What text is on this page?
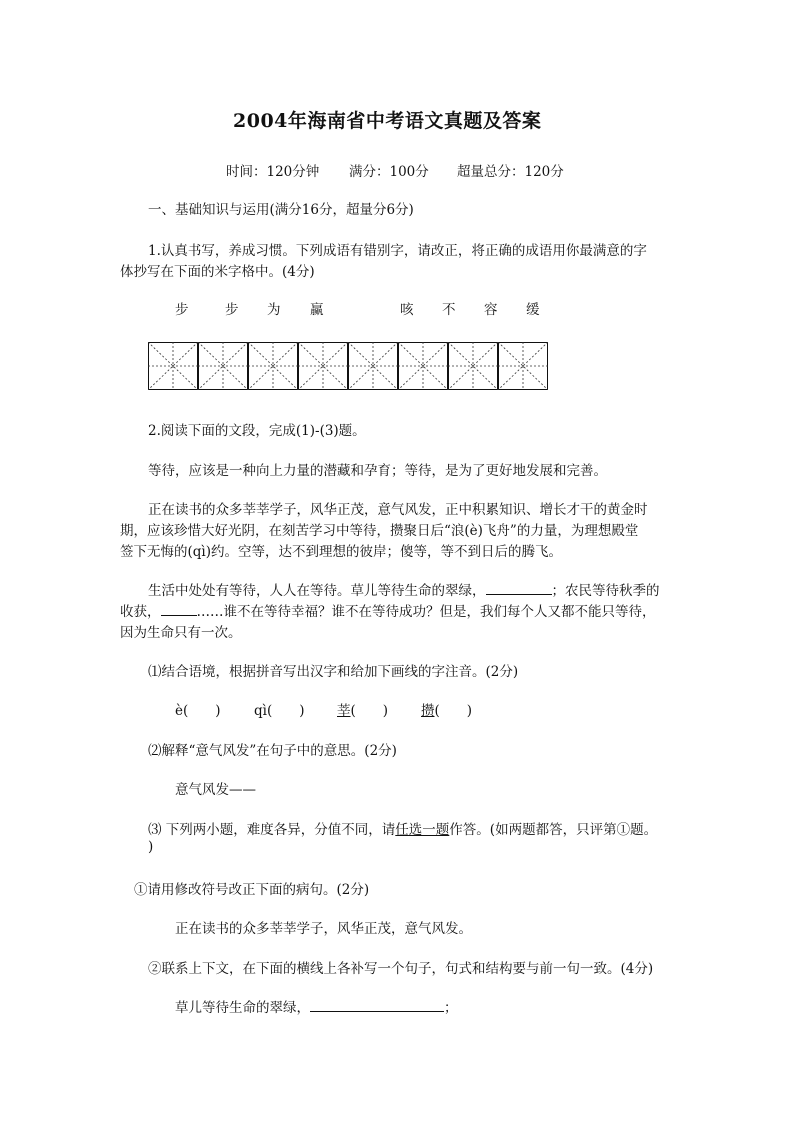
2004年海南省中考语文真题及答案
时间：120分钟 满分：100分 超量总分：120分
一、基础知识与运用(满分16分，超量分6分)
1.认真书写，养成习惯。下列成语有错别字，请改正，将正确的成语用你最满意的字
体抄写在下面的米字格中。(4分)
步	步 为 赢	咳 不 容 缓
2.阅读下面的文段，完成(1)-(3)题。
等待，应该是一种向上力量的潜藏和孕育；等待，是为了更好地发展和完善。
正在读书的众多莘莘学子，风华正茂，意气风发，正中积累知识、增长才干的黄金时
期，应该珍惜大好光阴，在刻苦学习中等待，攒聚日后“浪(è)飞舟”的力量，为理想殿堂
签下无悔的(qì)约。空等，达不到理想的彼岸；傻等，等不到日后的腾飞。
生活中处处有等待，人人在等待。草儿等待生命的翠绿，	；农民等待秋季的
收获，	……谁不在等待幸福？谁不在等待成功？但是，我们每个人又都不能只等待，
因为生命只有一次。
⑴结合语境，根据拼音写出汉字和给加下画线的字注音。(2分)
è(　　) qì(　　) 莘(　　) 攒(　　)
⑵解释“意气风发”在句子中的意思。(2分)
意气风发——
⑶ 下列两小题，难度各异，分值不同，请任选一题作答。(如两题都答，只评第①题。
)
①请用修改符号改正下面的病句。(2分)
正在读书的众多莘莘学子，风华正茂，意气风发。
②联系上下文，在下面的横线上各补写一个句子，句式和结构要与前一句一致。(4分)
草儿等待生命的翠绿，	；
